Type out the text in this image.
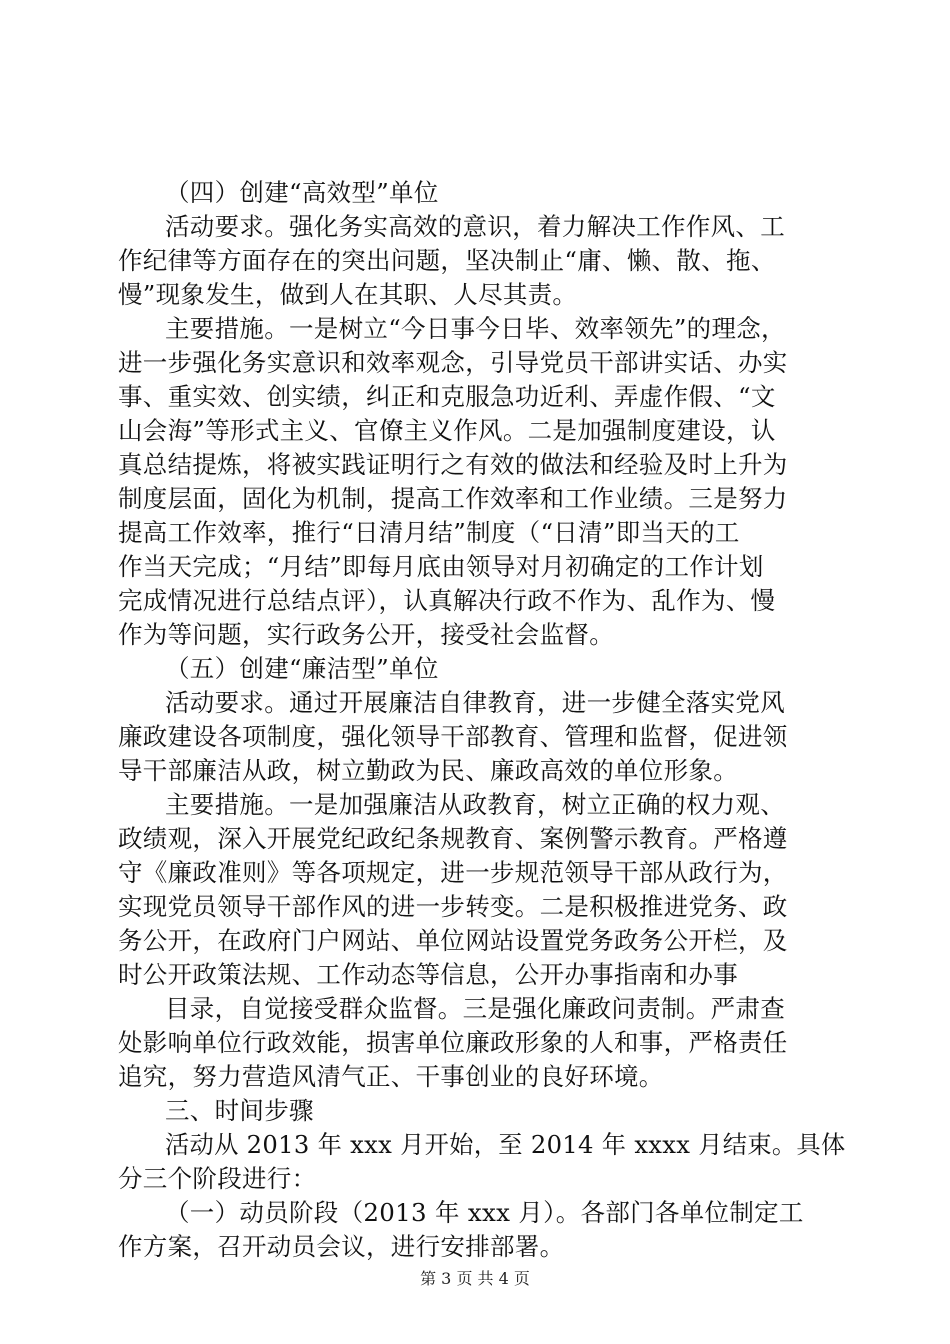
（四）创建“高效型”单位
活动要求。强化务实高效的意识，着力解决工作作风、工
作纪律等方面存在的突出问题，坚决制止“庸、懒、散、拖、
慢”现象发生，做到人在其职、人尽其责。
主要措施。一是树立“今日事今日毕、效率领先”的理念，
进一步强化务实意识和效率观念，引导党员干部讲实话、办实
事、重实效、创实绩，纠正和克服急功近利、弄虚作假、“文
山会海”等形式主义、官僚主义作风。二是加强制度建设，认
真总结提炼，将被实践证明行之有效的做法和经验及时上升为
制度层面，固化为机制，提高工作效率和工作业绩。三是努力
提高工作效率，推行“日清月结”制度（“日清”即当天的工
作当天完成；“月结”即每月底由领导对月初确定的工作计划
完成情况进行总结点评），认真解决行政不作为、乱作为、慢
作为等问题，实行政务公开，接受社会监督。
（五）创建“廉洁型”单位
活动要求。通过开展廉洁自律教育，进一步健全落实党风
廉政建设各项制度，强化领导干部教育、管理和监督，促进领
导干部廉洁从政，树立勤政为民、廉政高效的单位形象。
主要措施。一是加强廉洁从政教育，树立正确的权力观、
政绩观，深入开展党纪政纪条规教育、案例警示教育。严格遵
守《廉政准则》等各项规定，进一步规范领导干部从政行为，
实现党员领导干部作风的进一步转变。二是积极推进党务、政
务公开，在政府门户网站、单位网站设置党务政务公开栏，及
时公开政策法规、工作动态等信息，公开办事指南和办事
目录，自觉接受群众监督。三是强化廉政问责制。严肃查
处影响单位行政效能，损害单位廉政形象的人和事，严格责任
追究，努力营造风清气正、干事创业的良好环境。
三、时间步骤
活动从 2013 年 xxx 月开始，至 2014 年 xxxx 月结束。具体
分三个阶段进行：
（一）动员阶段（2013 年 xxx 月）。各部门各单位制定工
作方案，召开动员会议，进行安排部署。
第 3 页 共 4 页
